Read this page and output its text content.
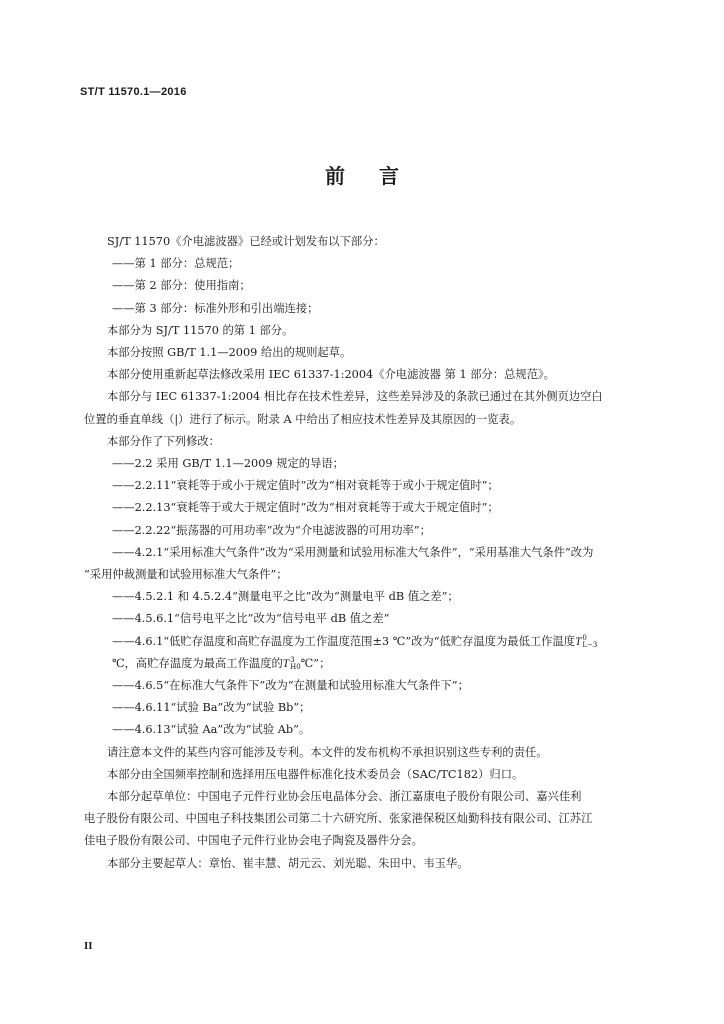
ST/T 11570.1—2016
前言

SJ/T 11570《介电滤波器》已经或计划发布以下部分：

——第 1 部分：总规范；

——第 2 部分：使用指南；

——第 3 部分：标准外形和引出端连接；

本部分为 SJ/T 11570 的第 1 部分。

本部分按照 GB/T 1.1—2009 给出的规则起草。

本部分使用重新起草法修改采用 IEC 61337-1:2004《介电滤波器 第 1 部分：总规范》。

本部分与 IEC 61337-1:2004 相比存在技术性差异，这些差异涉及的条款已通过在其外侧页边空白

位置的垂直单线（|）进行了标示。附录 A 中给出了相应技术性差异及其原因的一览表。

本部分作了下列修改：

——2.2 采用 GB/T 1.1—2009 规定的导语；

——2.2.11“衰耗等于或小于规定值时”改为“相对衰耗等于或小于规定值时”；

——2.2.13“衰耗等于或大于规定值时”改为“相对衰耗等于或大于规定值时”；

——2.2.22“振荡器的可用功率”改为“介电滤波器的可用功率”；

——4.2.1“采用标准大气条件”改为“采用测量和试验用标准大气条件”，“采用基准大气条件”改为

“采用仲裁测量和试验用标准大气条件”；

——4.5.2.1 和 4.5.2.4“测量电平之比”改为“测量电平 dB 值之差”；

——4.5.6.1“信号电平之比”改为“信号电平 dB 值之差”

——4.6.1“低贮存温度和高贮存温度为工作温度范围±3 ℃”改为“低贮存温度为最低工作温度T0
L−3

℃，高贮存温度为最高工作温度的T3
H0℃”；

——4.6.5“在标准大气条件下”改为“在测量和试验用标准大气条件下”；

——4.6.11“试验 Ba”改为“试验 Bb”；

——4.6.13“试验 Aa”改为“试验 Ab”。

请注意本文件的某些内容可能涉及专利。本文件的发布机构不承担识别这些专利的责任。

本部分由全国频率控制和选择用压电器件标准化技术委员会（SAC/TC182）归口。

本部分起草单位：中国电子元件行业协会压电晶体分会、浙江嘉康电子股份有限公司、嘉兴佳利

电子股份有限公司、中国电子科技集团公司第二十六研究所、张家港保税区灿勤科技有限公司、江苏江

佳电子股份有限公司、中国电子元件行业协会电子陶瓷及器件分会。

本部分主要起草人：章怡、崔丰慧、胡元云、刘光聪、朱田中、韦玉华。

II
